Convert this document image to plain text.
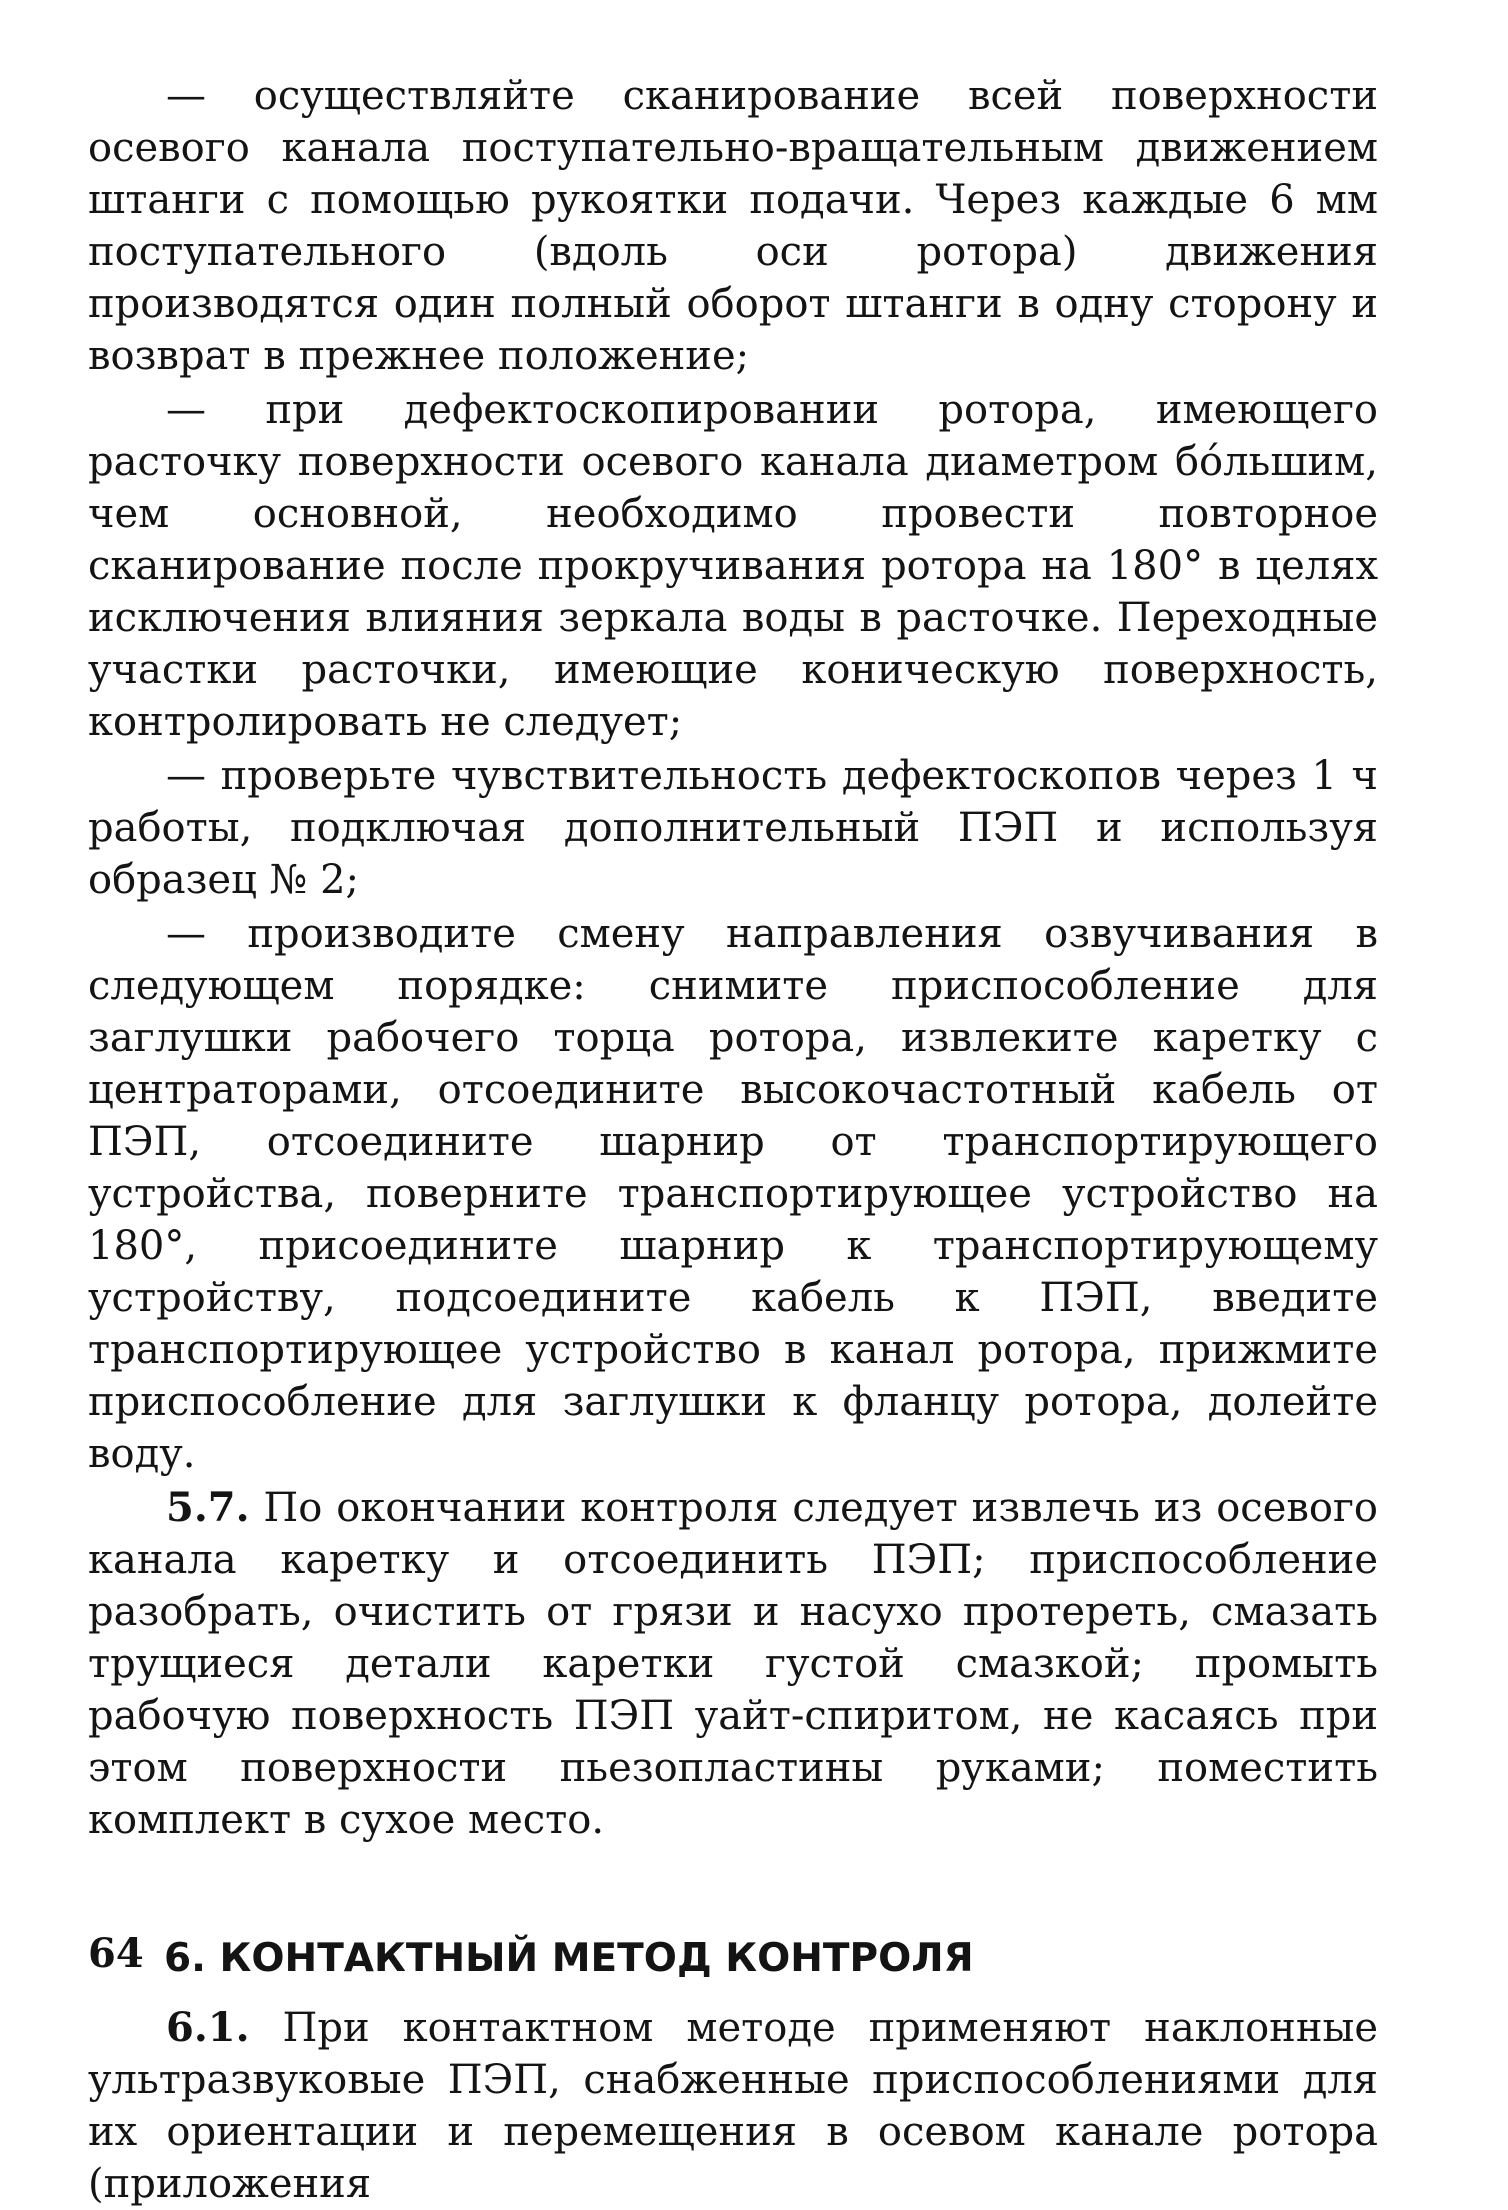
— осуществляйте сканирование всей поверхности осевого канала поступательно-вращательным движением штанги с помощью рукоятки подачи. Через каждые 6 мм поступательного (вдоль оси ротора) движения производятся один полный оборот штанги в одну сторону и возврат в прежнее положение;

— при дефектоскопировании ротора, имеющего расточку поверхности осевого канала диаметром бо́льшим, чем основной, необходимо провести повторное сканирование после прокручивания ротора на 180° в целях исключения влияния зеркала воды в расточке. Переходные участки расточки, имеющие коническую поверхность, контролировать не следует;

— проверьте чувствительность дефектоскопов через 1 ч работы, подключая дополнительный ПЭП и используя образец № 2;

— производите смену направления озвучивания в следующем порядке: снимите приспособление для заглушки рабочего торца ротора, извлеките каретку с центраторами, отсоедините высокочастотный кабель от ПЭП, отсоедините шарнир от транспортирующего устройства, поверните транспортирующее устройство на 180°, присоедините шарнир к транспортирующему устройству, подсоедините кабель к ПЭП, введите транспортирующее устройство в канал ротора, прижмите приспособление для заглушки к фланцу ротора, долейте воду.

5.7. По окончании контроля следует извлечь из осевого канала каретку и отсоединить ПЭП; приспособление разобрать, очистить от грязи и насухо протереть, смазать трущиеся детали каретки густой смазкой; промыть рабочую поверхность ПЭП уайт-спиритом, не касаясь при этом поверхности пьезопластины руками; поместить комплект в сухое место.

6. КОНТАКТНЫЙ МЕТОД КОНТРОЛЯ

6.1. При контактном методе применяют наклонные ультразвуковые ПЭП, снабженные приспособлениями для их ориентации и перемещения в осевом канале ротора (приложения

64
